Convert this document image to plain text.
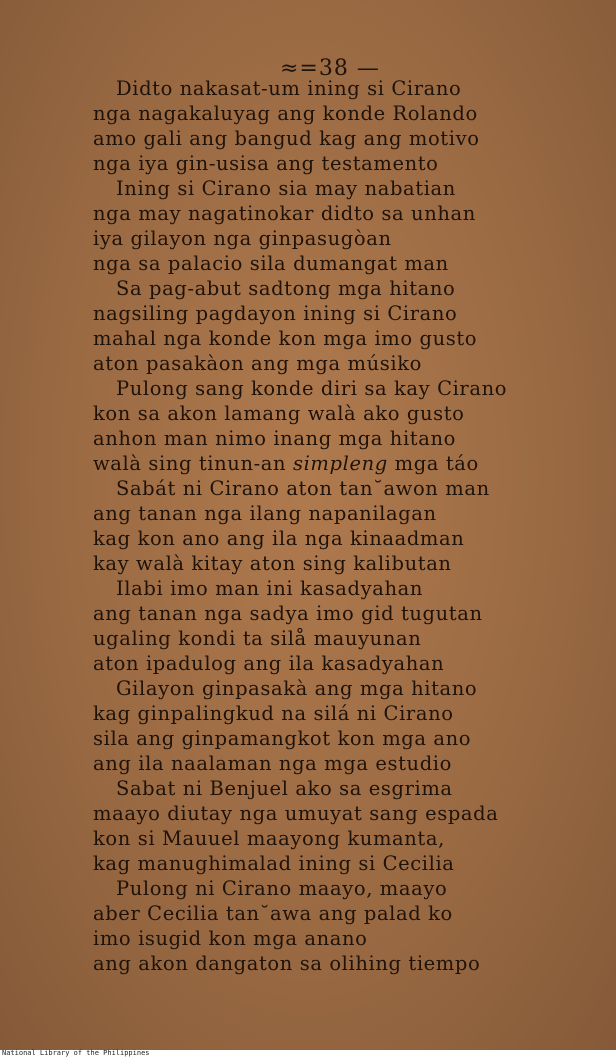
≈=38 —
Didto nakasat‐um ining si Cirano
nga nagakaluyag ang konde Rolando
amo gali ang bangud kag ang motivo
nga iya gin‐usisa ang testamento
Ining si Cirano sia may nabatian
nga may nagatinokar didto sa unhan
iya gilayon nga ginpasugòan
nga sa palacio sila dumangat man
Sa pag‐abut sadtong mga hitano
nagsiling pagdayon ining si Cirano
mahal nga konde kon mga imo gusto
aton pasakàon ang mga músiko
Pulong sang konde diri sa kay Cirano
kon sa akon lamang walà ako gusto
anhon man nimo inang mga hitano
walà sing tinun‐an simpleng mga táo
Sabát ni Cirano aton tan˘awon man
ang tanan nga ilang napanilagan
kag kon ano ang ila nga kinaadman
kay walà kitay aton sing kalibutan
Ilabi imo man ini kasadyahan
ang tanan nga sadya imo gid tugutan
ugaling kondi ta silå mauyunan
aton ipadulog ang ila kasadyahan
Gilayon ginpasakà ang mga hitano
kag ginpalingkud na silá ni Cirano
sila ang ginpamangkot kon mga ano
ang ila naalaman nga mga estudio
Sabat ni Benjuel ako sa esgrima
maayo diutay nga umuyat sang espada
kon si Mauuel maayong kumanta,
kag manughimalad ining si Cecilia
Pulong ni Cirano maayo, maayo
aber Cecilia tan˘awa ang palad ko
imo isugid kon mga anano
ang akon dangaton sa olihing tiempo
National Library of the Philippines
